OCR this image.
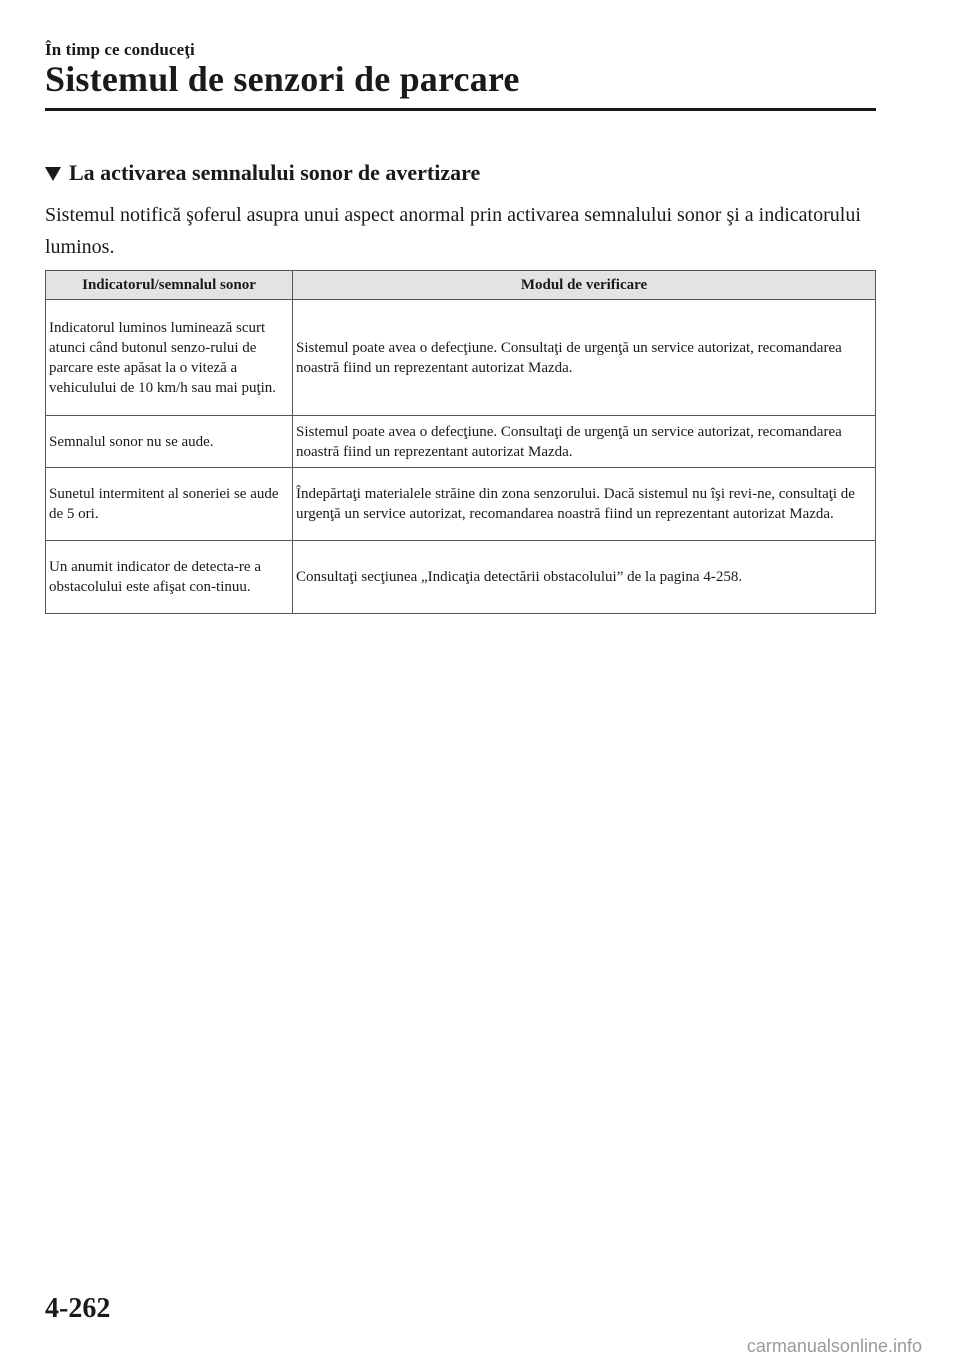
În timp ce conduceţi
Sistemul de senzori de parcare
La activarea semnalului sonor de avertizare

Sistemul notifică şoferul asupra unui aspect anormal prin activarea semnalului sonor şi a indicatorului luminos.

Indicatorul/semnalul sonor	Modul de verificare
Indicatorul luminos luminează scurt atunci când butonul senzo-rului de parcare este apăsat la o viteză a vehiculului de 10 km/h sau mai puţin.	Sistemul poate avea o defecţiune. Consultaţi de urgenţă un service autorizat, recomandarea noastră fiind un reprezentant autorizat Mazda.
Semnalul sonor nu se aude.	Sistemul poate avea o defecţiune. Consultaţi de urgenţă un service autorizat, recomandarea noastră fiind un reprezentant autorizat Mazda.
Sunetul intermitent al soneriei se aude de 5 ori.	Îndepărtaţi materialele străine din zona senzorului. Dacă sistemul nu îşi revi-ne, consultaţi de urgenţă un service autorizat, recomandarea noastră fiind un reprezentant autorizat Mazda.
Un anumit indicator de detecta-re a obstacolului este afişat con-tinuu.	Consultaţi secţiunea „Indicaţia detectării obstacolului” de la pagina 4-258.
4-262
carmanualsonline.info
